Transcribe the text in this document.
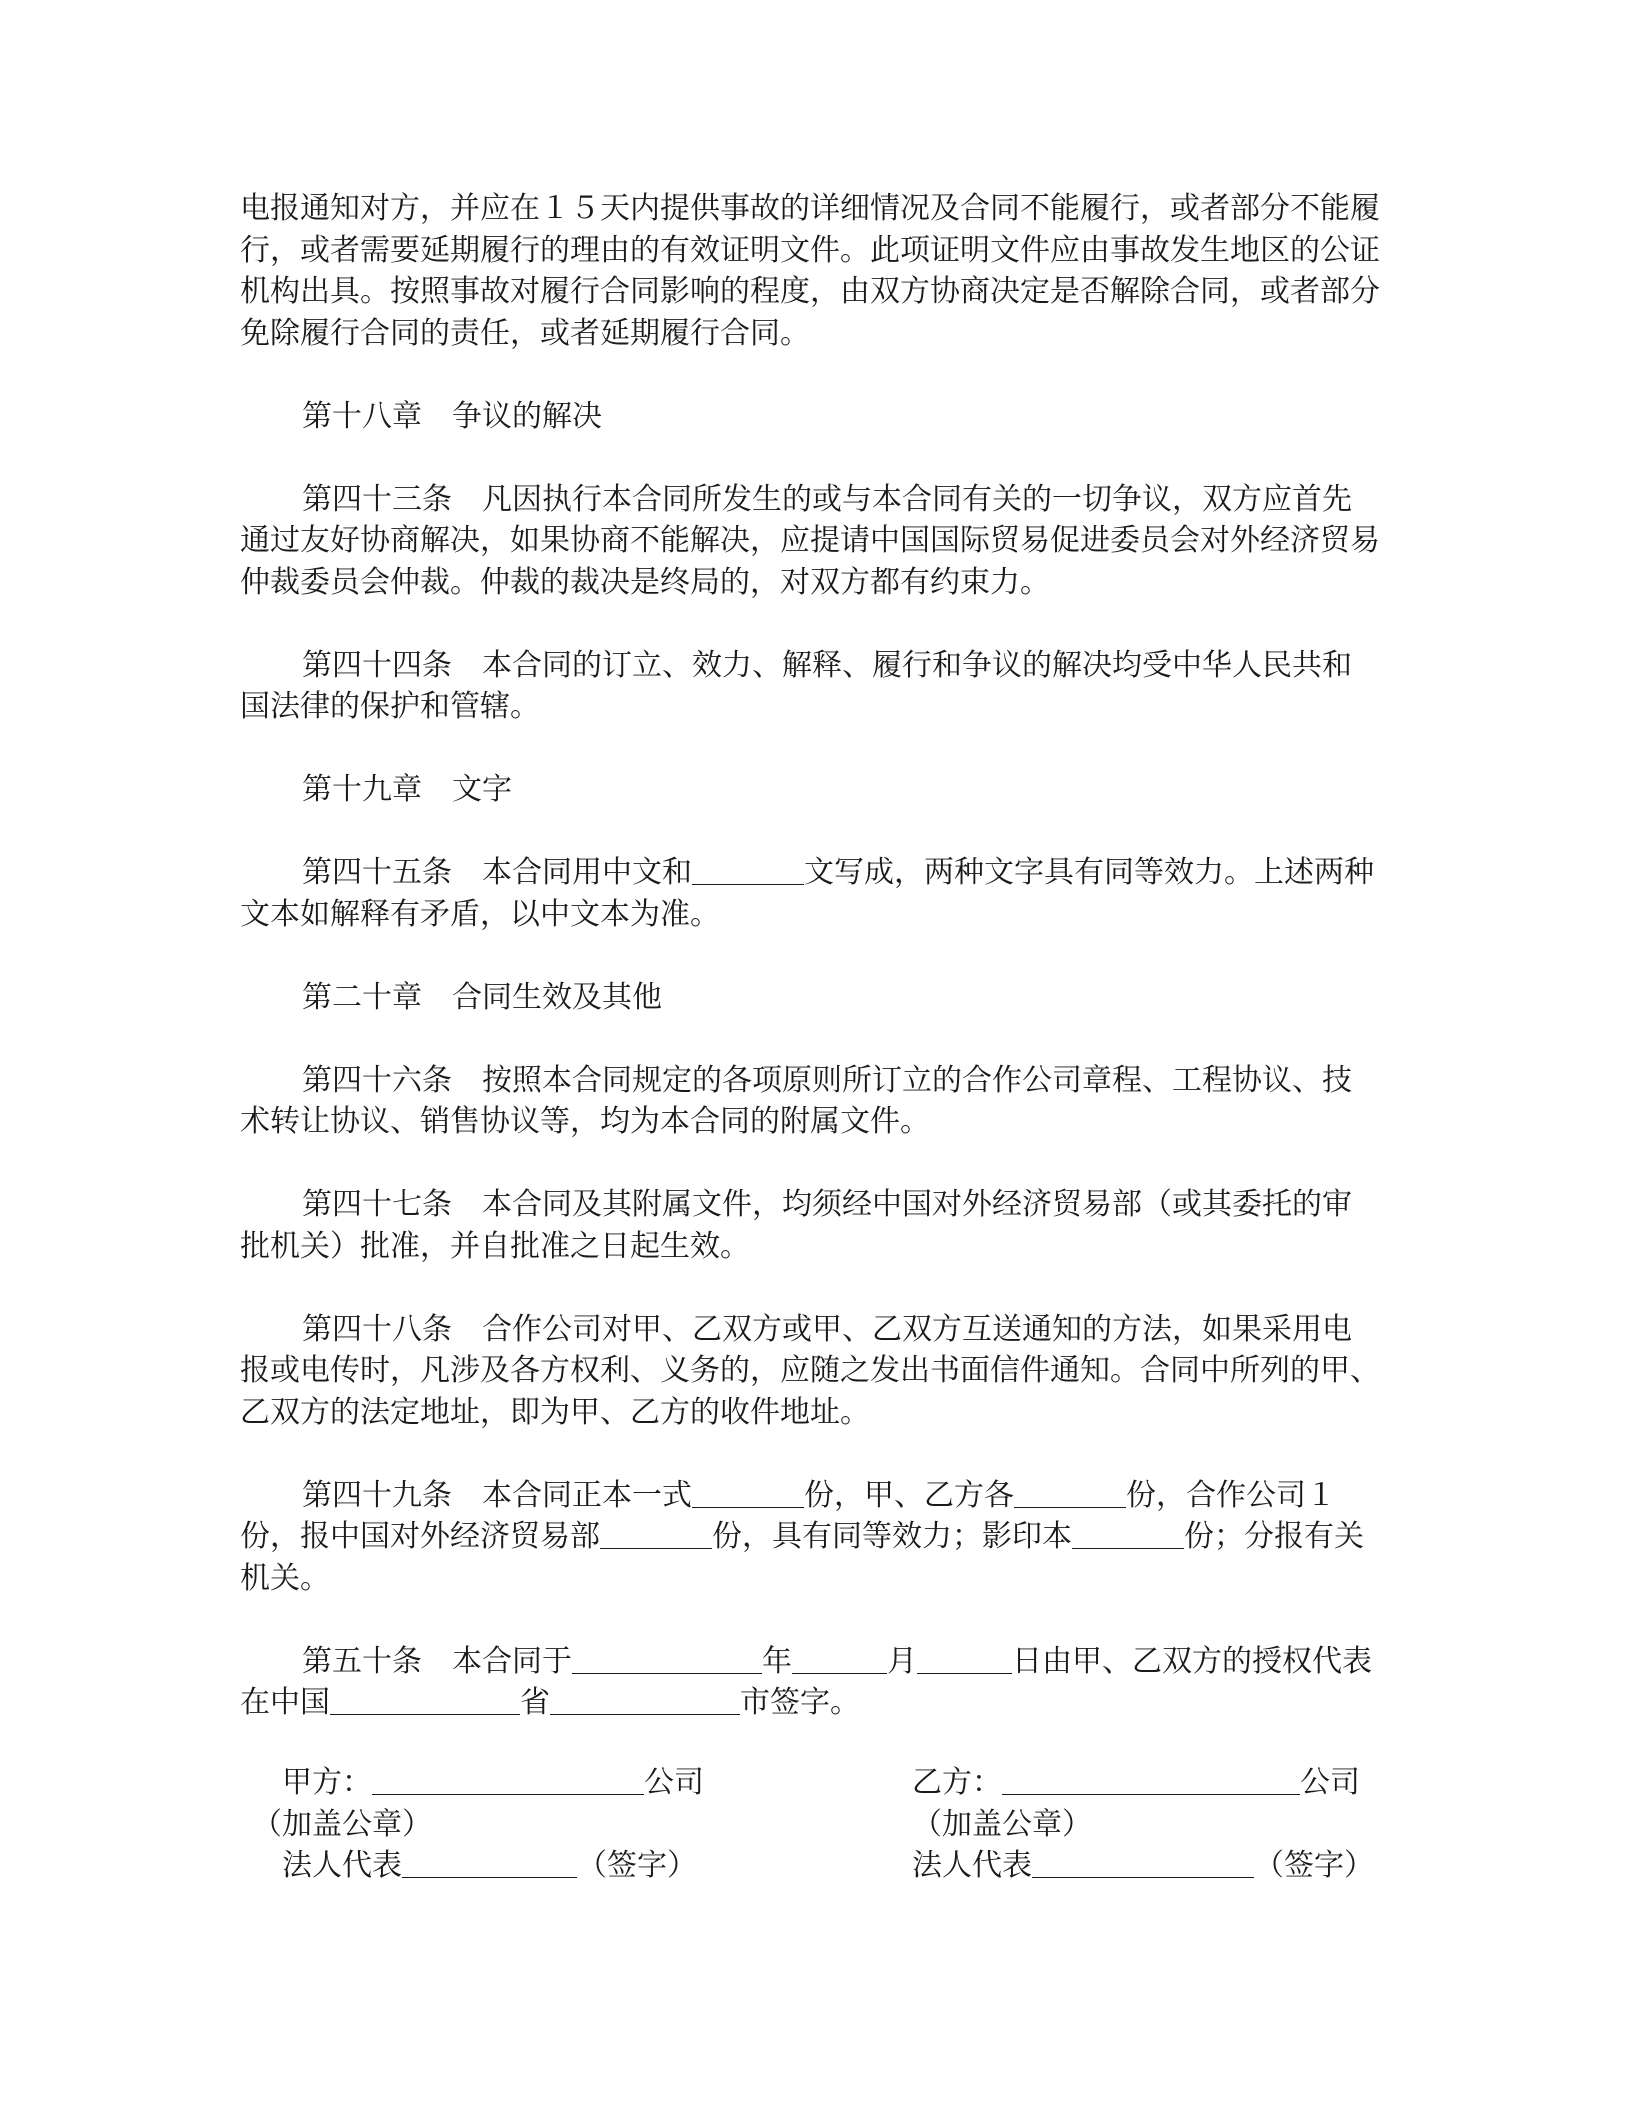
电报通知对方，并应在１５天内提供事故的详细情况及合同不能履行，或者部分不能履行，或者需要延期履行的理由的有效证明文件。此项证明文件应由事故发生地区的公证机构出具。按照事故对履行合同影响的程度，由双方协商决定是否解除合同，或者部分免除履行合同的责任，或者延期履行合同。

第十八章　争议的解决

第四十三条　凡因执行本合同所发生的或与本合同有关的一切争议，双方应首先通过友好协商解决，如果协商不能解决，应提请中国国际贸易促进委员会对外经济贸易仲裁委员会仲裁。仲裁的裁决是终局的，对双方都有约束力。

第四十四条　本合同的订立、效力、解释、履行和争议的解决均受中华人民共和国法律的保护和管辖。

第十九章　文字

第四十五条　本合同用中文和	文写成，两种文字具有同等效力。上述两种文本如解释有矛盾，以中文本为准。

第二十章　合同生效及其他

第四十六条　按照本合同规定的各项原则所订立的合作公司章程、工程协议、技术转让协议、销售协议等，均为本合同的附属文件。

第四十七条　本合同及其附属文件，均须经中国对外经济贸易部（或其委托的审批机关）批准，并自批准之日起生效。

第四十八条　合作公司对甲、乙双方或甲、乙双方互送通知的方法，如果采用电报或电传时，凡涉及各方权利、义务的，应随之发出书面信件通知。合同中所列的甲、乙双方的法定地址，即为甲、乙方的收件地址。

第四十九条　本合同正本一式	份，甲、乙方各	份，合作公司１份，报中国对外经济贸易部	份，具有同等效力；影印本	份；分报有关机关。

第五十条　本合同于	年	月	日由甲、乙双方的授权代表在中国	省	市签字。

甲方：	公司
（加盖公章）
法人代表	（签字）
乙方：	公司
（加盖公章）
法人代表	（签字）
